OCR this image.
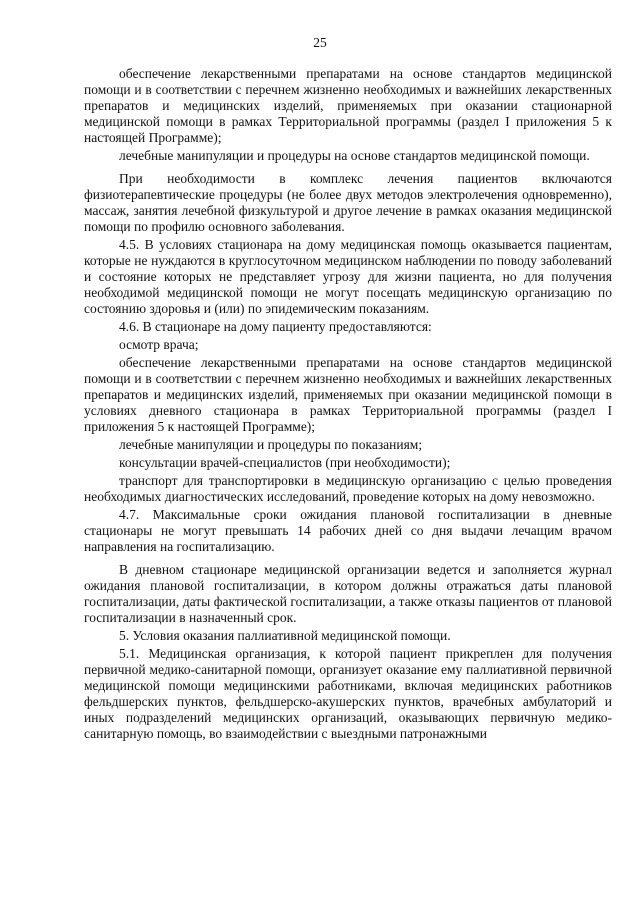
25

обеспечение лекарственными препаратами на основе стандартов медицинской помощи и в соответствии с перечнем жизненно необходимых и важнейших лекарственных препаратов и медицинских изделий, применяемых при оказании стационарной медицинской помощи в рамках Территориальной программы (раздел I приложения 5 к настоящей Программе);

лечебные манипуляции и процедуры на основе стандартов медицинской помощи.

При необходимости в комплекс лечения пациентов включаются физиотерапевтические процедуры (не более двух методов электролечения одновременно), массаж, занятия лечебной физкультурой и другое лечение в рамках оказания медицинской помощи по профилю основного заболевания.

4.5. В условиях стационара на дому медицинская помощь оказывается пациентам, которые не нуждаются в круглосуточном медицинском наблюдении по поводу заболеваний и состояние которых не представляет угрозу для жизни пациента, но для получения необходимой медицинской помощи не могут посещать медицинскую организацию по состоянию здоровья и (или) по эпидемическим показаниям.

4.6. В стационаре на дому пациенту предоставляются:

осмотр врача;

обеспечение лекарственными препаратами на основе стандартов медицинской помощи и в соответствии с перечнем жизненно необходимых и важнейших лекарственных препаратов и медицинских изделий, применяемых при оказании медицинской помощи в условиях дневного стационара в рамках Территориальной программы (раздел I приложения 5 к настоящей Программе);

лечебные манипуляции и процедуры по показаниям;

консультации врачей-специалистов (при необходимости);

транспорт для транспортировки в медицинскую организацию с целью проведения необходимых диагностических исследований, проведение которых на дому невозможно.

4.7. Максимальные сроки ожидания плановой госпитализации в дневные стационары не могут превышать 14 рабочих дней со дня выдачи лечащим врачом направления на госпитализацию.

В дневном стационаре медицинской организации ведется и заполняется журнал ожидания плановой госпитализации, в котором должны отражаться даты плановой госпитализации, даты фактической госпитализации, а также отказы пациентов от плановой госпитализации в назначенный срок.

5. Условия оказания паллиативной медицинской помощи.

5.1. Медицинская организация, к которой пациент прикреплен для получения первичной медико-санитарной помощи, организует оказание ему паллиативной первичной медицинской помощи медицинскими работниками, включая медицинских работников фельдшерских пунктов, фельдшерско-акушерских пунктов, врачебных амбулаторий и иных подразделений медицинских организаций, оказывающих первичную медико-санитарную помощь, во взаимодействии с выездными патронажными
